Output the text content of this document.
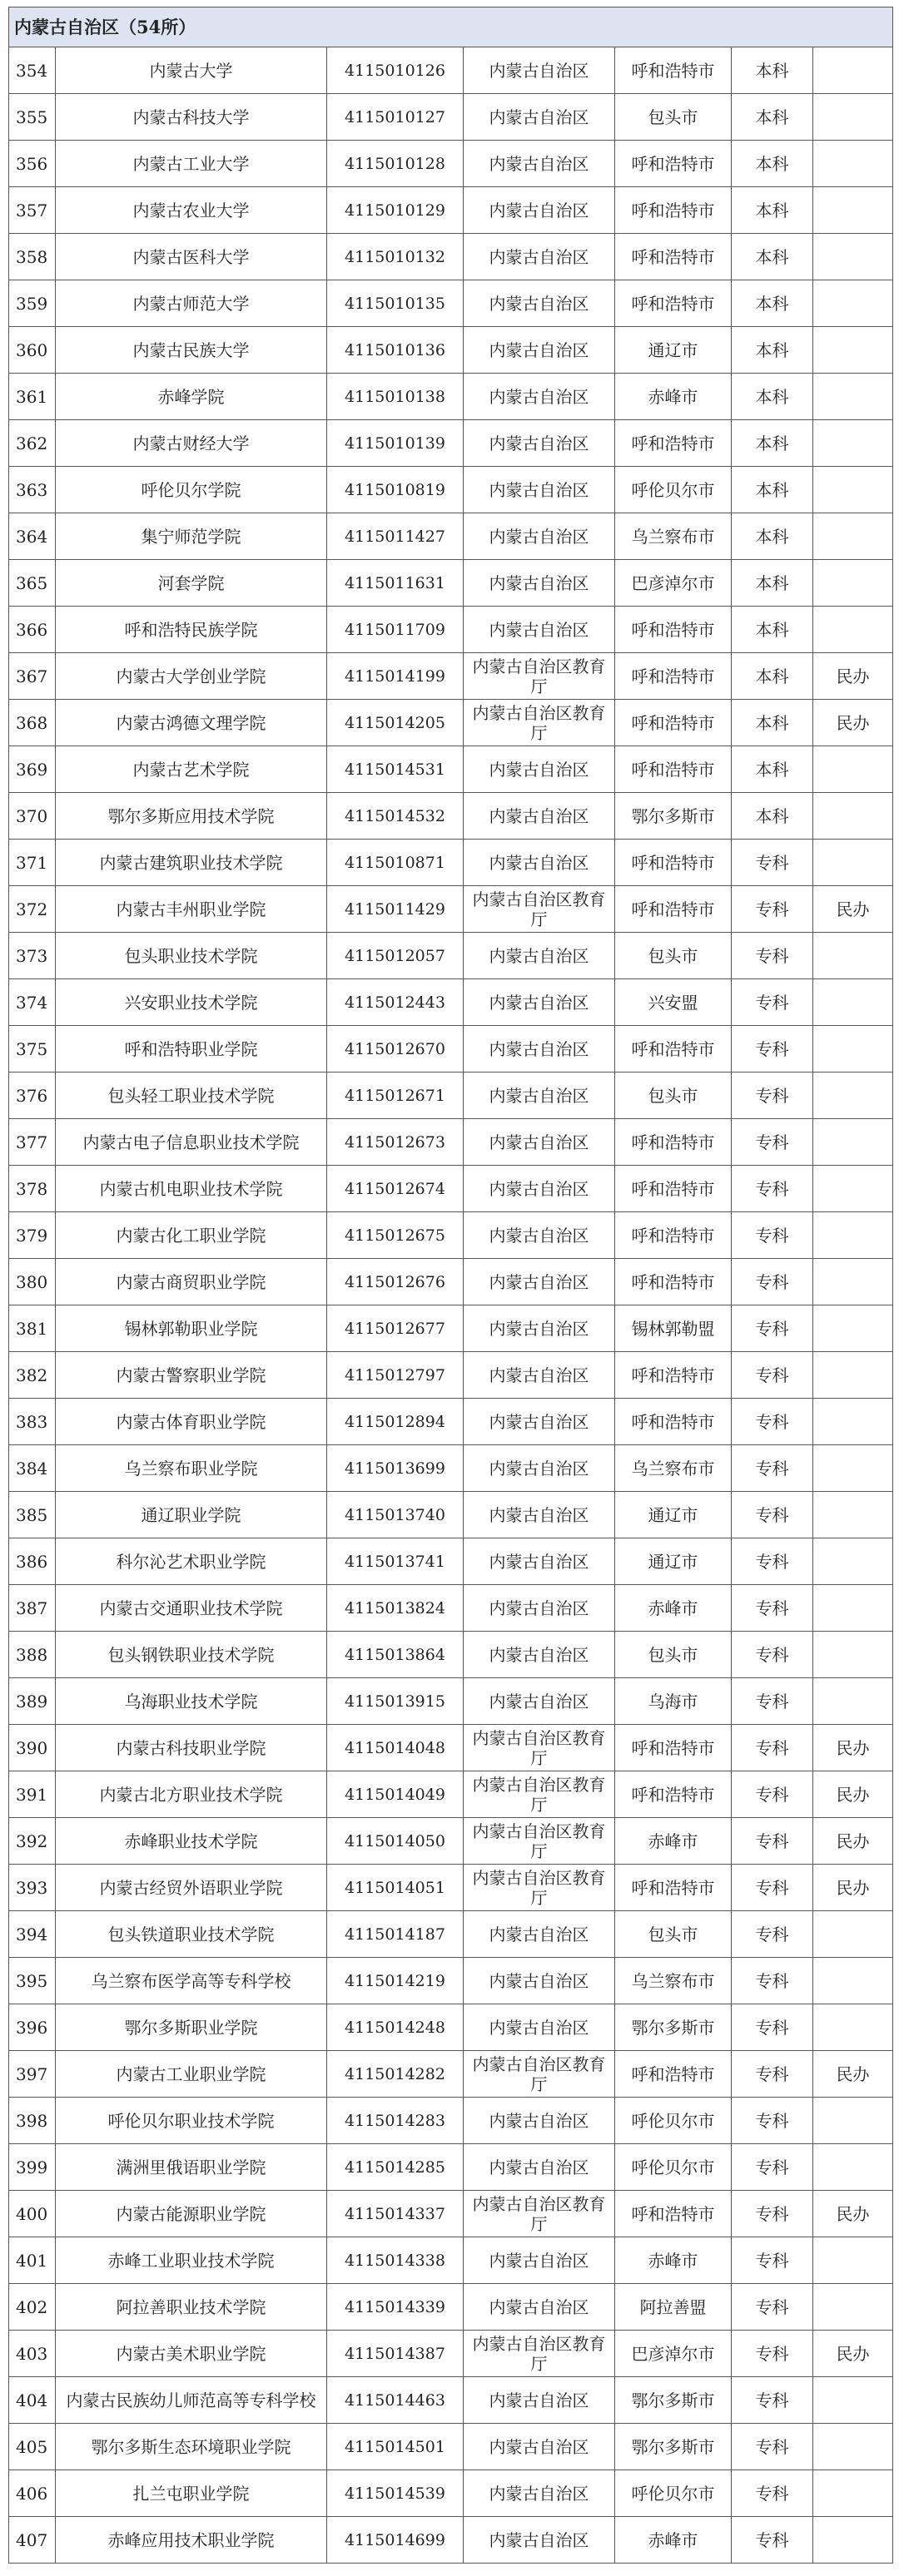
内蒙古自治区（54所）						
354	内蒙古大学	4115010126	内蒙古自治区	呼和浩特市	本科	
355	内蒙古科技大学	4115010127	内蒙古自治区	包头市	本科	
356	内蒙古工业大学	4115010128	内蒙古自治区	呼和浩特市	本科	
357	内蒙古农业大学	4115010129	内蒙古自治区	呼和浩特市	本科	
358	内蒙古医科大学	4115010132	内蒙古自治区	呼和浩特市	本科	
359	内蒙古师范大学	4115010135	内蒙古自治区	呼和浩特市	本科	
360	内蒙古民族大学	4115010136	内蒙古自治区	通辽市	本科	
361	赤峰学院	4115010138	内蒙古自治区	赤峰市	本科	
362	内蒙古财经大学	4115010139	内蒙古自治区	呼和浩特市	本科	
363	呼伦贝尔学院	4115010819	内蒙古自治区	呼伦贝尔市	本科	
364	集宁师范学院	4115011427	内蒙古自治区	乌兰察布市	本科	
365	河套学院	4115011631	内蒙古自治区	巴彦淖尔市	本科	
366	呼和浩特民族学院	4115011709	内蒙古自治区	呼和浩特市	本科	
367	内蒙古大学创业学院	4115014199	内蒙古自治区教育厅	呼和浩特市	本科	民办
368	内蒙古鸿德文理学院	4115014205	内蒙古自治区教育厅	呼和浩特市	本科	民办
369	内蒙古艺术学院	4115014531	内蒙古自治区	呼和浩特市	本科	
370	鄂尔多斯应用技术学院	4115014532	内蒙古自治区	鄂尔多斯市	本科	
371	内蒙古建筑职业技术学院	4115010871	内蒙古自治区	呼和浩特市	专科	
372	内蒙古丰州职业学院	4115011429	内蒙古自治区教育厅	呼和浩特市	专科	民办
373	包头职业技术学院	4115012057	内蒙古自治区	包头市	专科	
374	兴安职业技术学院	4115012443	内蒙古自治区	兴安盟	专科	
375	呼和浩特职业学院	4115012670	内蒙古自治区	呼和浩特市	专科	
376	包头轻工职业技术学院	4115012671	内蒙古自治区	包头市	专科	
377	内蒙古电子信息职业技术学院	4115012673	内蒙古自治区	呼和浩特市	专科	
378	内蒙古机电职业技术学院	4115012674	内蒙古自治区	呼和浩特市	专科	
379	内蒙古化工职业学院	4115012675	内蒙古自治区	呼和浩特市	专科	
380	内蒙古商贸职业学院	4115012676	内蒙古自治区	呼和浩特市	专科	
381	锡林郭勒职业学院	4115012677	内蒙古自治区	锡林郭勒盟	专科	
382	内蒙古警察职业学院	4115012797	内蒙古自治区	呼和浩特市	专科	
383	内蒙古体育职业学院	4115012894	内蒙古自治区	呼和浩特市	专科	
384	乌兰察布职业学院	4115013699	内蒙古自治区	乌兰察布市	专科	
385	通辽职业学院	4115013740	内蒙古自治区	通辽市	专科	
386	科尔沁艺术职业学院	4115013741	内蒙古自治区	通辽市	专科	
387	内蒙古交通职业技术学院	4115013824	内蒙古自治区	赤峰市	专科	
388	包头钢铁职业技术学院	4115013864	内蒙古自治区	包头市	专科	
389	乌海职业技术学院	4115013915	内蒙古自治区	乌海市	专科	
390	内蒙古科技职业学院	4115014048	内蒙古自治区教育厅	呼和浩特市	专科	民办
391	内蒙古北方职业技术学院	4115014049	内蒙古自治区教育厅	呼和浩特市	专科	民办
392	赤峰职业技术学院	4115014050	内蒙古自治区教育厅	赤峰市	专科	民办
393	内蒙古经贸外语职业学院	4115014051	内蒙古自治区教育厅	呼和浩特市	专科	民办
394	包头铁道职业技术学院	4115014187	内蒙古自治区	包头市	专科	
395	乌兰察布医学高等专科学校	4115014219	内蒙古自治区	乌兰察布市	专科	
396	鄂尔多斯职业学院	4115014248	内蒙古自治区	鄂尔多斯市	专科	
397	内蒙古工业职业学院	4115014282	内蒙古自治区教育厅	呼和浩特市	专科	民办
398	呼伦贝尔职业技术学院	4115014283	内蒙古自治区	呼伦贝尔市	专科	
399	满洲里俄语职业学院	4115014285	内蒙古自治区	呼伦贝尔市	专科	
400	内蒙古能源职业学院	4115014337	内蒙古自治区教育厅	呼和浩特市	专科	民办
401	赤峰工业职业技术学院	4115014338	内蒙古自治区	赤峰市	专科	
402	阿拉善职业技术学院	4115014339	内蒙古自治区	阿拉善盟	专科	
403	内蒙古美术职业学院	4115014387	内蒙古自治区教育厅	巴彦淖尔市	专科	民办
404	内蒙古民族幼儿师范高等专科学校	4115014463	内蒙古自治区	鄂尔多斯市	专科	
405	鄂尔多斯生态环境职业学院	4115014501	内蒙古自治区	鄂尔多斯市	专科	
406	扎兰屯职业学院	4115014539	内蒙古自治区	呼伦贝尔市	专科	
407	赤峰应用技术职业学院	4115014699	内蒙古自治区	赤峰市	专科	
